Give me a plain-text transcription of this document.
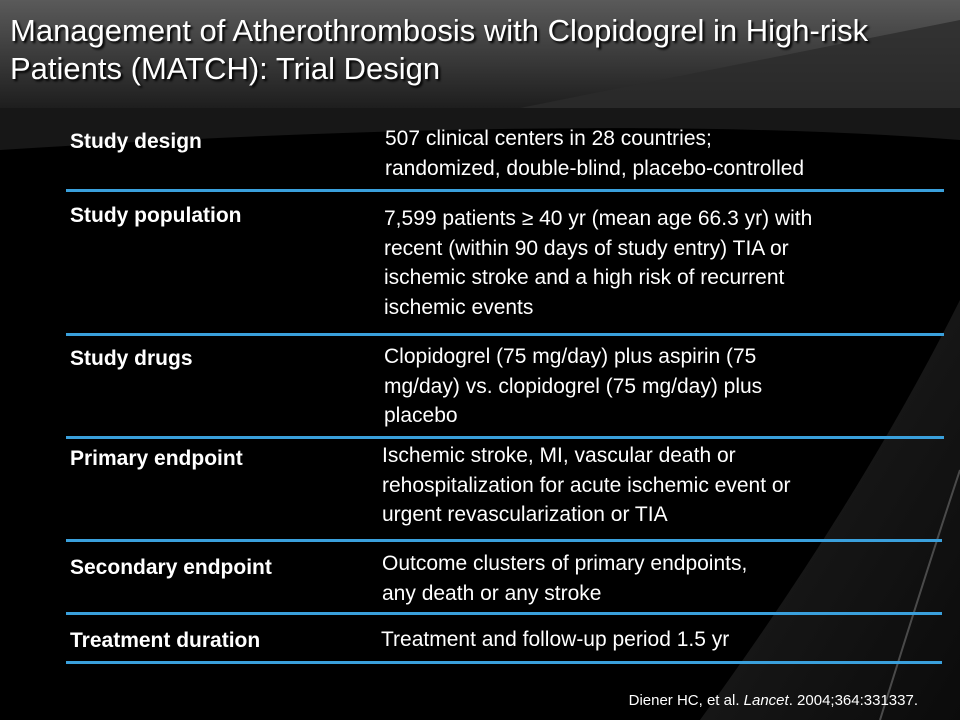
Management of Atherothrombosis with Clopidogrel in High-risk Patients (MATCH): Trial Design
Study design	507 clinical centers in 28 countries;
randomized, double-blind, placebo-controlled
Study population	7,599 patients ≥ 40 yr (mean age 66.3 yr) with
recent (within 90 days of study entry) TIA or
ischemic stroke and a high risk of recurrent
ischemic events
Study drugs	Clopidogrel (75 mg/day) plus aspirin (75
mg/day) vs. clopidogrel (75 mg/day) plus
placebo
Primary endpoint	Ischemic stroke, MI, vascular death or
rehospitalization for acute ischemic event or
urgent revascularization or TIA
Secondary endpoint	Outcome clusters of primary endpoints,
any death or any stroke
Treatment duration	Treatment and follow-up period 1.5 yr
Diener HC, et al. Lancet. 2004;364:331337.
